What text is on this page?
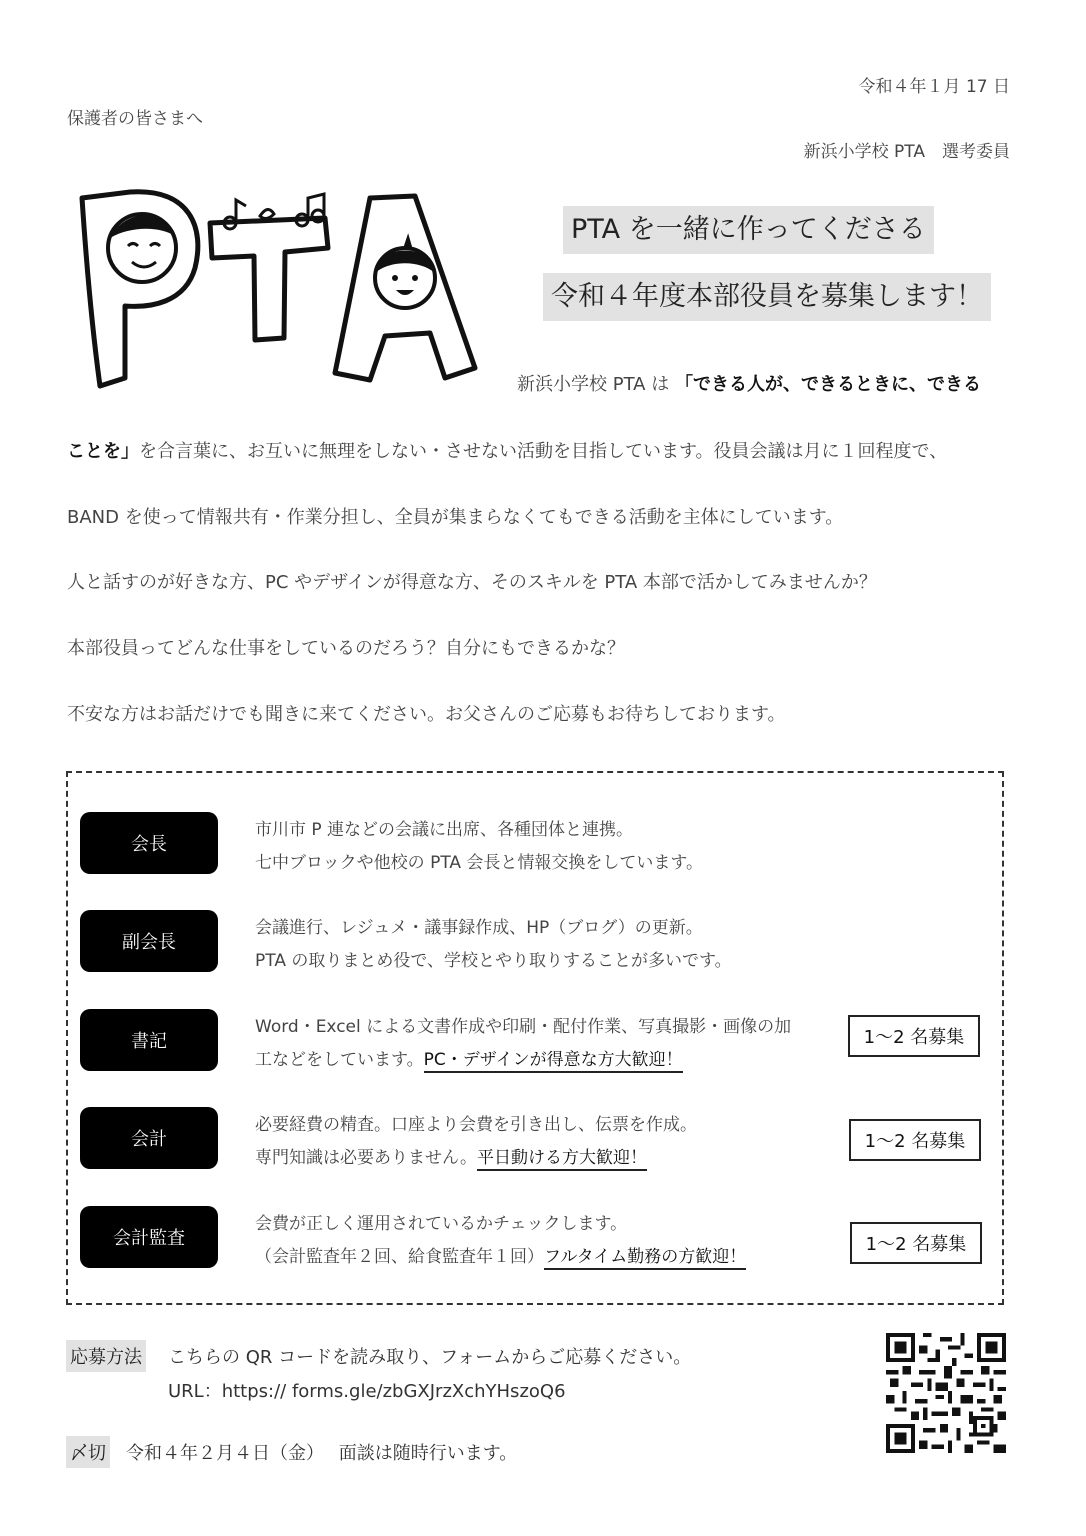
令和４年１月 17 日
保護者の皆さまへ
新浜小学校 PTA　選考委員
PTA を一緒に作ってくださる
令和４年度本部役員を募集します！
新浜小学校 PTA は 「できる人が、できるときに、できる
ことを」を合言葉に、お互いに無理をしない・させない活動を目指しています。役員会議は月に１回程度で、
BAND を使って情報共有・作業分担し、全員が集まらなくてもできる活動を主体にしています。
人と話すのが好きな方、PC やデザインが得意な方、そのスキルを PTA 本部で活かしてみませんか？
本部役員ってどんな仕事をしているのだろう？自分にもできるかな？
不安な方はお話だけでも聞きに来てください。お父さんのご応募もお待ちしております。
会長
市川市 P 連などの会議に出席、各種団体と連携。
七中ブロックや他校の PTA 会長と情報交換をしています。
副会長
会議進行、レジュメ・議事録作成、HP（ブログ）の更新。
PTA の取りまとめ役で、学校とやり取りすることが多いです。
書記
Word・Excel による文書作成や印刷・配付作業、写真撮影・画像の加
工などをしています。PC・デザインが得意な方大歓迎！
1～2 名募集
会計
必要経費の精査。口座より会費を引き出し、伝票を作成。
専門知識は必要ありません。平日動ける方大歓迎！
1～2 名募集
会計監査
会費が正しく運用されているかチェックします。
（会計監査年２回、給食監査年１回）フルタイム勤務の方歓迎！
1～2 名募集
応募方法 こちらの QR コードを読み取り、フォームからご応募ください。
URL：https:// forms.gle/zbGXJrzXchYHszoQ6
〆切 令和４年２月４日（金）　 面談は随時行います。
